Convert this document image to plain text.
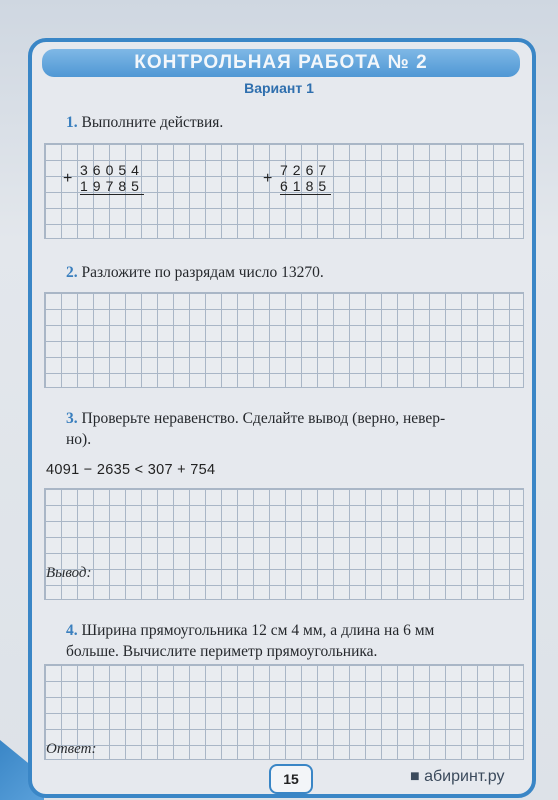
КОНТРОЛЬНАЯ РАБОТА № 2
Вариант 1
1. Выполните действия.
+ 36054
19785	+ 7267
6185
2. Разложите по разрядам число 13270.
3. Проверьте неравенство. Сделайте вывод (верно, невер-
но).
4091 − 2635 < 307 + 754
Вывод:
4. Ширина прямоугольника 12 см 4 мм, а длина на 6 мм
больше. Вычислите периметр прямоугольника.
Ответ:
15	■ абиринт.ру
